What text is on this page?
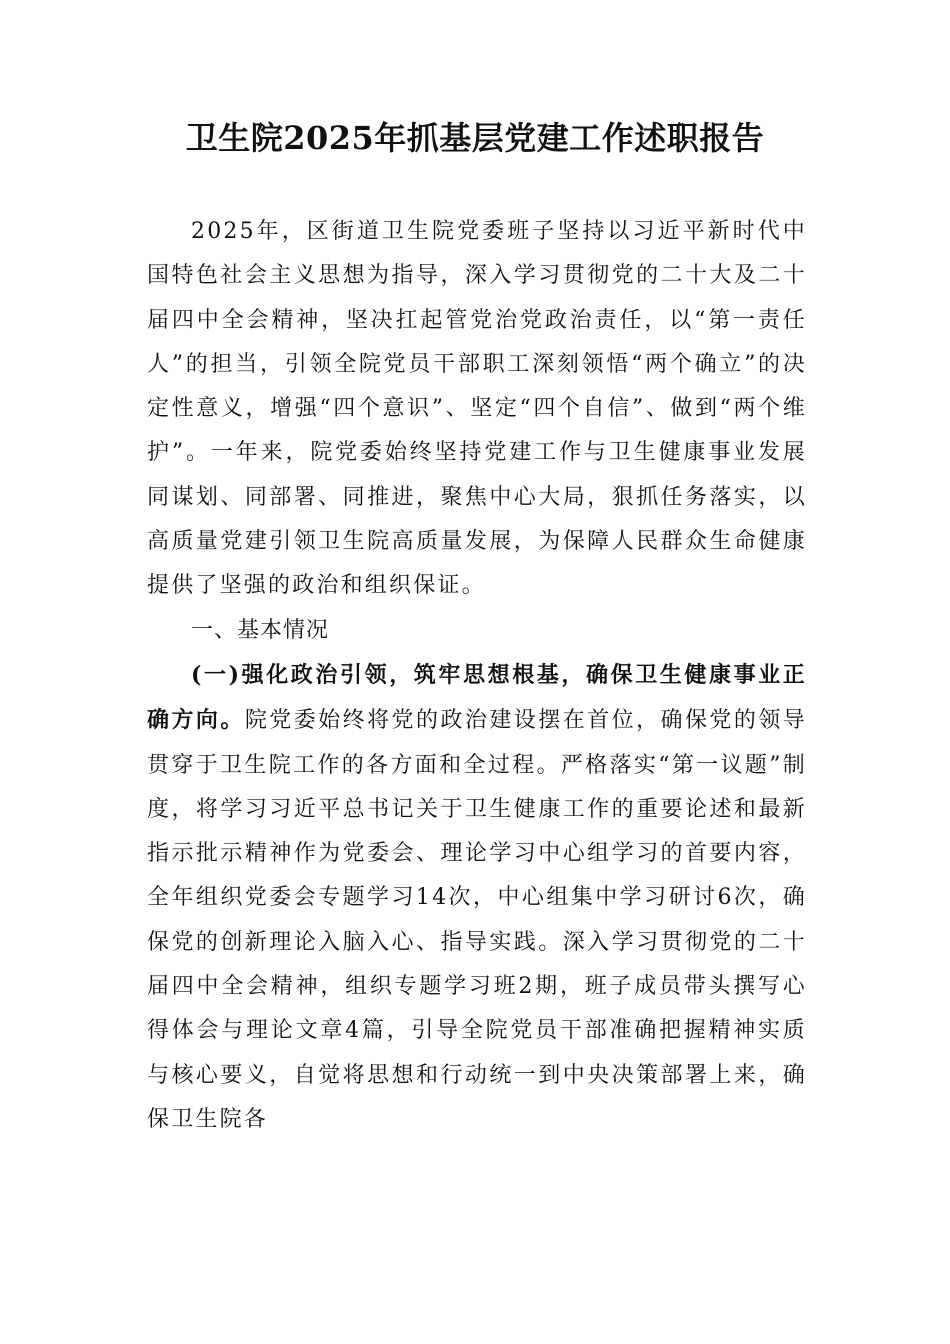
卫生院2025年抓基层党建工作述职报告

2025年，区街道卫生院党委班子坚持以习近平新时代中国特色社会主义思想为指导，深入学习贯彻党的二十大及二十届四中全会精神，坚决扛起管党治党政治责任，以“第一责任人”的担当，引领全院党员干部职工深刻领悟“两个确立”的决定性意义，增强“四个意识”、坚定“四个自信”、做到“两个维护”。一年来，院党委始终坚持党建工作与卫生健康事业发展同谋划、同部署、同推进，聚焦中心大局，狠抓任务落实，以高质量党建引领卫生院高质量发展，为保障人民群众生命健康提供了坚强的政治和组织保证。

一、基本情况

(一)强化政治引领，筑牢思想根基，确保卫生健康事业正确方向。院党委始终将党的政治建设摆在首位，确保党的领导贯穿于卫生院工作的各方面和全过程。严格落实“第一议题”制度，将学习习近平总书记关于卫生健康工作的重要论述和最新指示批示精神作为党委会、理论学习中心组学习的首要内容，全年组织党委会专题学习14次，中心组集中学习研讨6次，确保党的创新理论入脑入心、指导实践。深入学习贯彻党的二十届四中全会精神，组织专题学习班2期，班子成员带头撰写心得体会与理论文章4篇，引导全院党员干部准确把握精神实质与核心要义，自觉将思想和行动统一到中央决策部署上来，确保卫生院各
